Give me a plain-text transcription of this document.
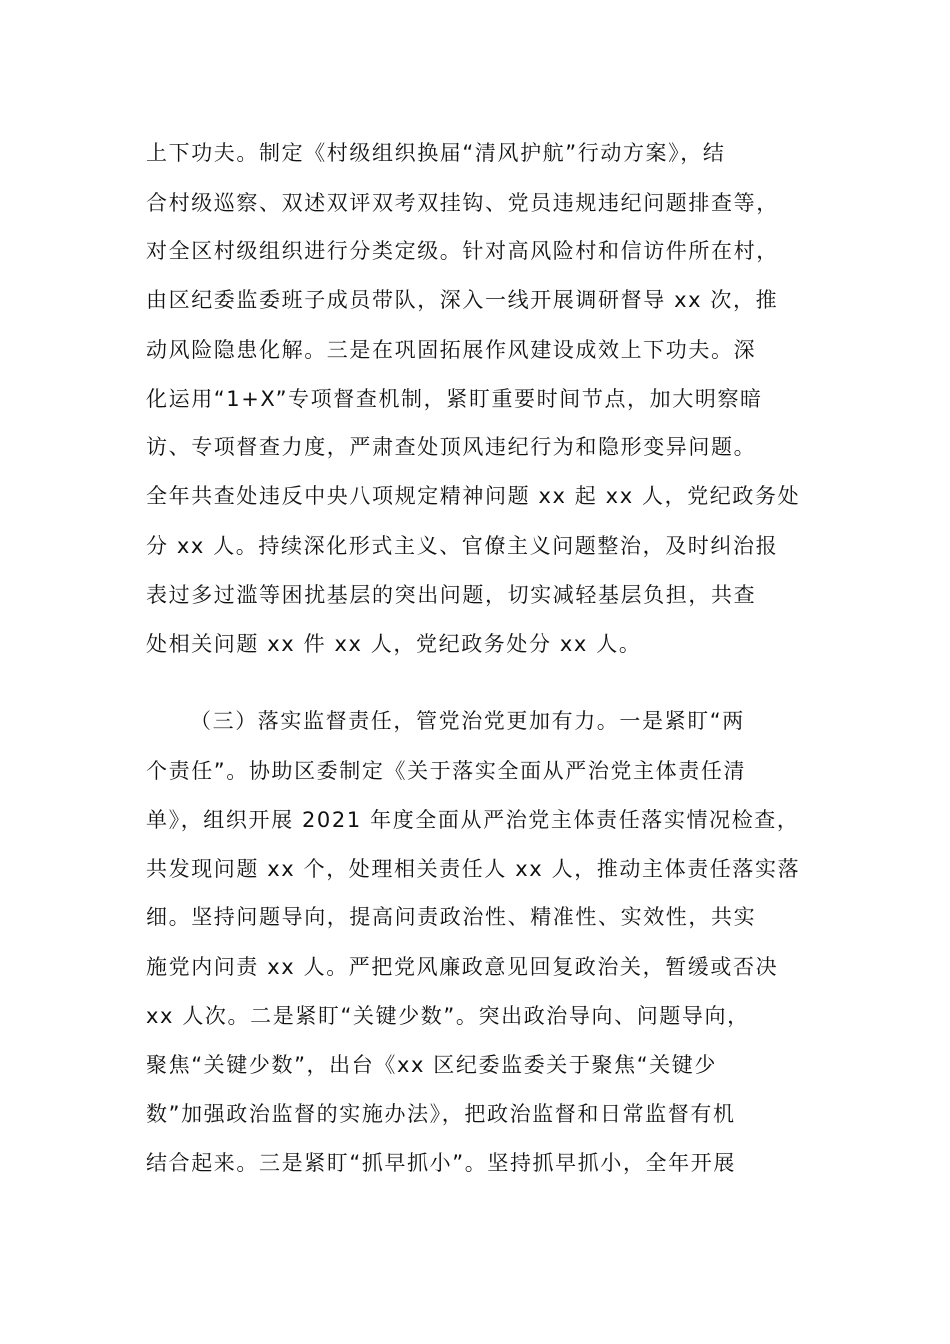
上下功夫。制定《村级组织换届“清风护航”行动方案》，结
合村级巡察、双述双评双考双挂钩、党员违规违纪问题排查等，
对全区村级组织进行分类定级。针对高风险村和信访件所在村，
由区纪委监委班子成员带队，深入一线开展调研督导 xx 次，推
动风险隐患化解。三是在巩固拓展作风建设成效上下功夫。深
化运用“1+X”专项督查机制，紧盯重要时间节点，加大明察暗
访、专项督查力度，严肃查处顶风违纪行为和隐形变异问题。
全年共查处违反中央八项规定精神问题 xx 起 xx 人，党纪政务处
分 xx 人。持续深化形式主义、官僚主义问题整治，及时纠治报
表过多过滥等困扰基层的突出问题，切实减轻基层负担，共查
处相关问题 xx 件 xx 人，党纪政务处分 xx 人。
（三）落实监督责任，管党治党更加有力。一是紧盯“两
个责任”。协助区委制定《关于落实全面从严治党主体责任清
单》，组织开展 2021 年度全面从严治党主体责任落实情况检查，
共发现问题 xx 个，处理相关责任人 xx 人，推动主体责任落实落
细。坚持问题导向，提高问责政治性、精准性、实效性，共实
施党内问责 xx 人。严把党风廉政意见回复政治关，暂缓或否决
xx 人次。二是紧盯“关键少数”。突出政治导向、问题导向，
聚焦“关键少数”，出台《xx 区纪委监委关于聚焦“关键少
数”加强政治监督的实施办法》，把政治监督和日常监督有机
结合起来。三是紧盯“抓早抓小”。坚持抓早抓小，全年开展
